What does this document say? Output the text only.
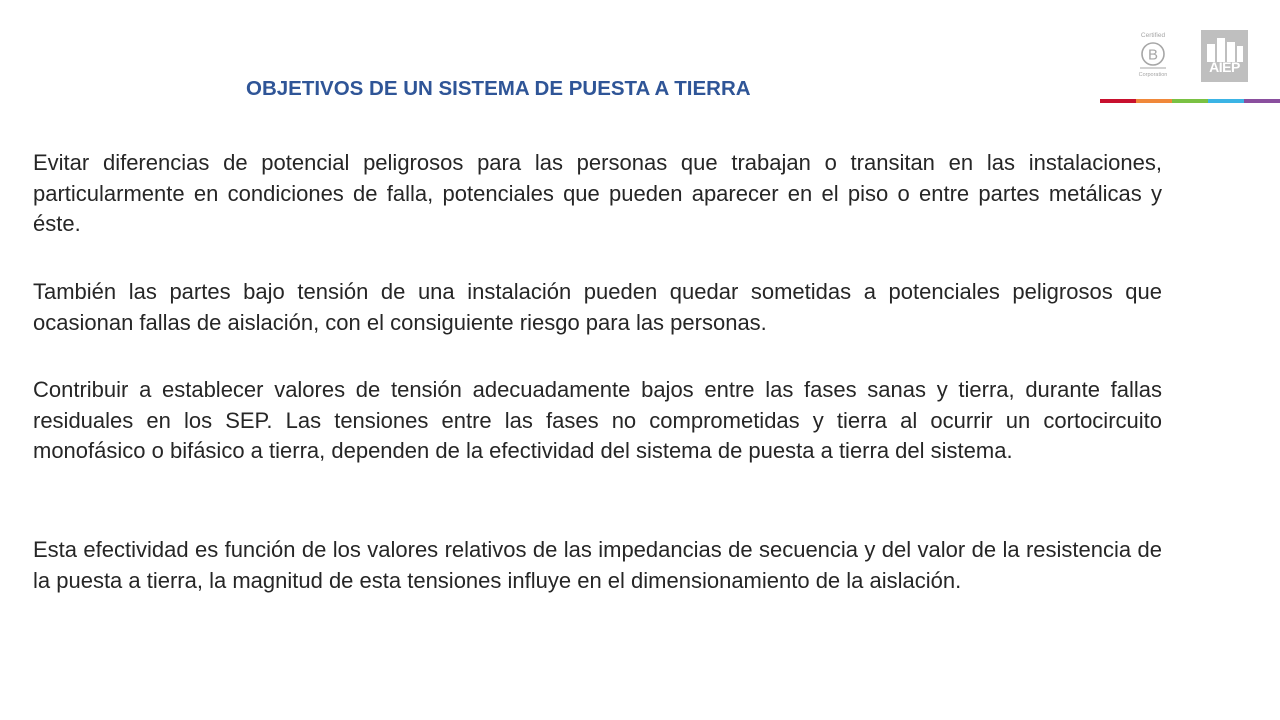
OBJETIVOS DE UN SISTEMA DE PUESTA A TIERRA

Evitar diferencias de potencial peligrosos para las personas que trabajan o transitan en las instalaciones, particularmente en condiciones de falla, potenciales que pueden aparecer en el piso o entre partes metálicas y éste.

También las partes bajo tensión de una instalación pueden quedar sometidas a potenciales peligrosos que ocasionan fallas de aislación, con el consiguiente riesgo para las personas.

Contribuir a establecer valores de tensión adecuadamente bajos entre las fases sanas y tierra, durante fallas residuales en los SEP. Las tensiones entre las fases no comprometidas y tierra al ocurrir un cortocircuito monofásico o bifásico a tierra, dependen de la efectividad del sistema de puesta a tierra del sistema.

Esta efectividad es función de los valores relativos de las impedancias de secuencia y del valor de la resistencia de la puesta a tierra, la magnitud de esta tensiones influye en el dimensionamiento de la aislación.

Certified
B
Corporation	AIEP
